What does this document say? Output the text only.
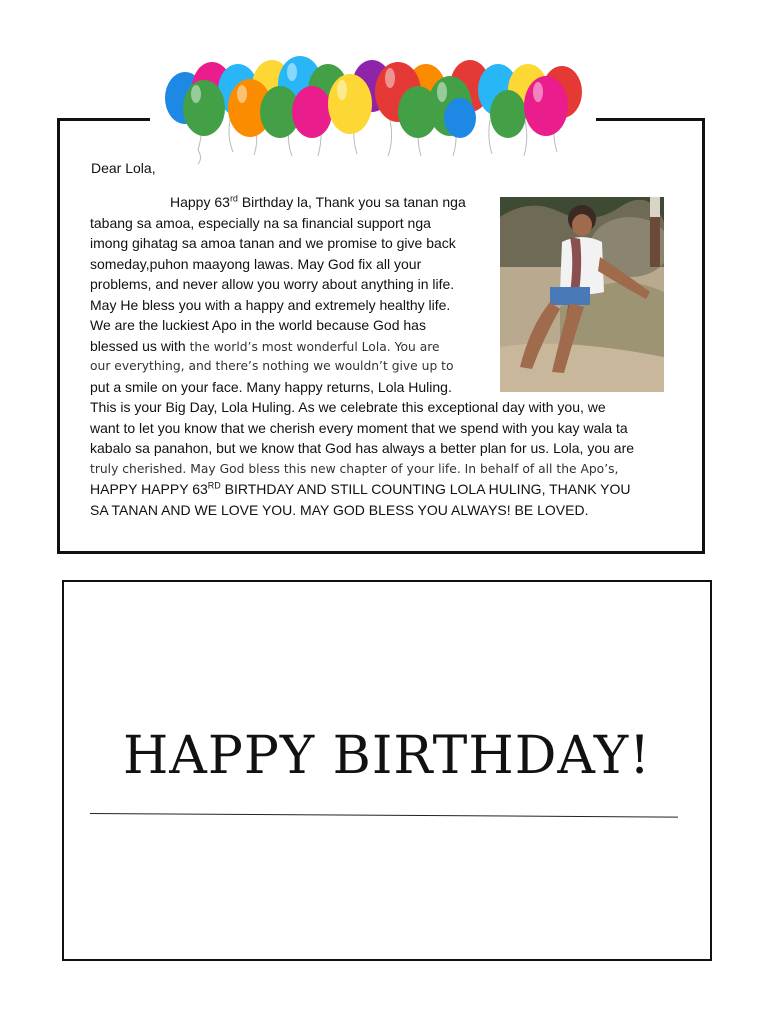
Dear Lola,
Happy 63rd Birthday la, Thank you sa tanan nga
tabang sa amoa, especially na sa financial support nga
imong gihatag sa amoa tanan and we promise to give back
someday,puhon maayong lawas. May God fix all your
problems, and never allow you worry about anything in life.
May He bless you with a happy and extremely healthy life.
We are the luckiest Apo in the world because God has
blessed us with the world’s most wonderful Lola. You are
our everything, and there’s nothing we wouldn’t give up to
put a smile on your face. Many happy returns, Lola Huling.
This is your Big Day, Lola Huling. As we celebrate this exceptional day with you, we
want to let you know that we cherish every moment that we spend with you kay wala ta
kabalo sa panahon, but we know that God has always a better plan for us. Lola, you are
truly cherished. May God bless this new chapter of your life. In behalf of all the Apo’s,
HAPPY HAPPY 63RD BIRTHDAY AND STILL COUNTING LOLA HULING, THANK YOU
SA TANAN AND WE LOVE YOU. MAY GOD BLESS YOU ALWAYS! BE LOVED.
HAPPY BIRTHDAY!
